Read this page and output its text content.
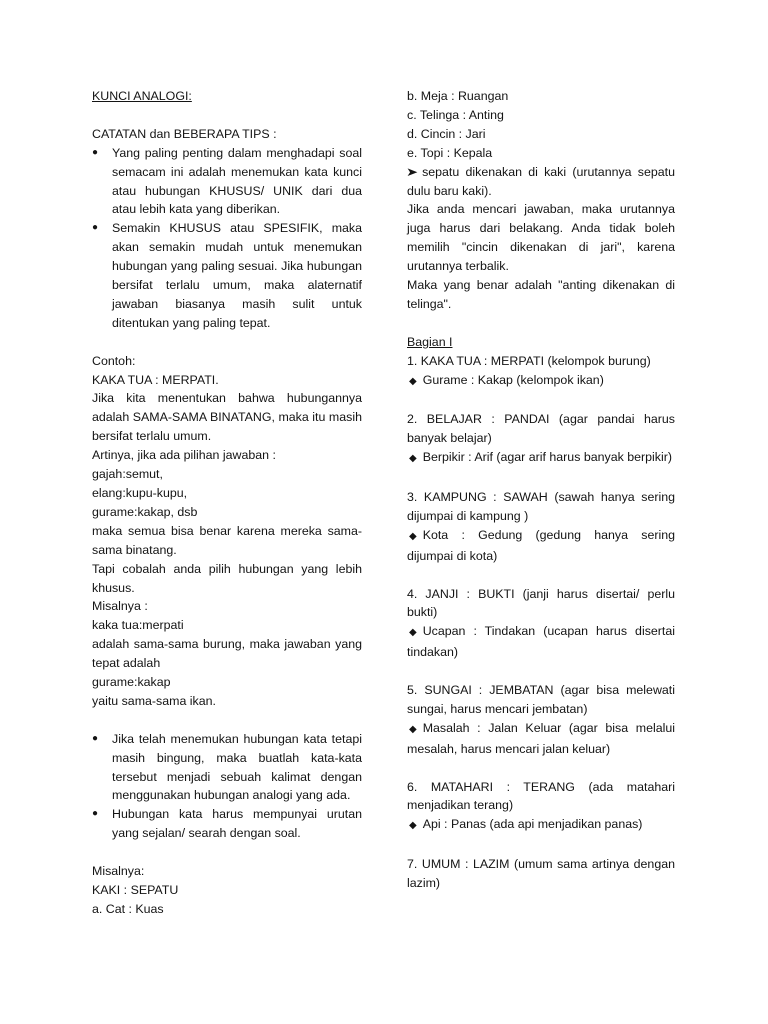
KUNCI ANALOGI:

CATATAN dan BEBERAPA TIPS :

●	Yang paling penting dalam menghadapi soal semacam ini adalah menemukan kata kunci atau hubungan KHUSUS/ UNIK dari dua atau lebih kata yang diberikan.

●	Semakin KHUSUS atau SPESIFIK, maka akan semakin mudah untuk menemukan hubungan yang paling sesuai. Jika hubungan bersifat terlalu umum, maka alaternatif jawaban biasanya masih sulit untuk ditentukan yang paling tepat.

Contoh:

KAKA TUA : MERPATI.

Jika kita menentukan bahwa hubungannya adalah SAMA-SAMA BINATANG, maka itu masih bersifat terlalu umum.

Artinya, jika ada pilihan jawaban :

gajah:semut,

elang:kupu-kupu,

gurame:kakap, dsb

maka semua bisa benar karena mereka sama-sama binatang.

Tapi cobalah anda pilih hubungan yang lebih khusus.

Misalnya :

kaka tua:merpati

adalah sama-sama burung, maka jawaban yang tepat adalah

gurame:kakap

yaitu sama-sama ikan.

●	Jika telah menemukan hubungan kata tetapi masih bingung, maka buatlah kata-kata tersebut menjadi sebuah kalimat dengan menggunakan hubungan analogi yang ada.

●	Hubungan kata harus mempunyai urutan yang sejalan/ searah dengan soal.

Misalnya:

KAKI : SEPATU

a. Cat : Kuas

b. Meja : Ruangan

c. Telinga : Anting

d. Cincin : Jari

e. Topi : Kepala

➤ sepatu dikenakan di kaki (urutannya sepatu dulu baru kaki).

Jika anda mencari jawaban, maka urutannya juga harus dari belakang. Anda tidak boleh memilih "cincin dikenakan di jari", karena urutannya terbalik.

Maka yang benar adalah "anting dikenakan di telinga".

Bagian I

1. KAKA TUA : MERPATI (kelompok burung)

◆ Gurame : Kakap (kelompok ikan)

2. BELAJAR : PANDAI (agar pandai harus banyak belajar)

◆ Berpikir : Arif (agar arif harus banyak berpikir)

3. KAMPUNG : SAWAH (sawah hanya sering dijumpai di kampung )

◆ Kota : Gedung (gedung hanya sering dijumpai di kota)

4. JANJI : BUKTI (janji harus disertai/ perlu bukti)

◆ Ucapan : Tindakan (ucapan harus disertai tindakan)

5. SUNGAI : JEMBATAN (agar bisa melewati sungai, harus mencari jembatan)

◆ Masalah : Jalan Keluar (agar bisa melalui mesalah, harus mencari jalan keluar)

6. MATAHARI : TERANG (ada matahari menjadikan terang)

◆ Api : Panas (ada api menjadikan panas)

7. UMUM : LAZIM (umum sama artinya dengan lazim)
